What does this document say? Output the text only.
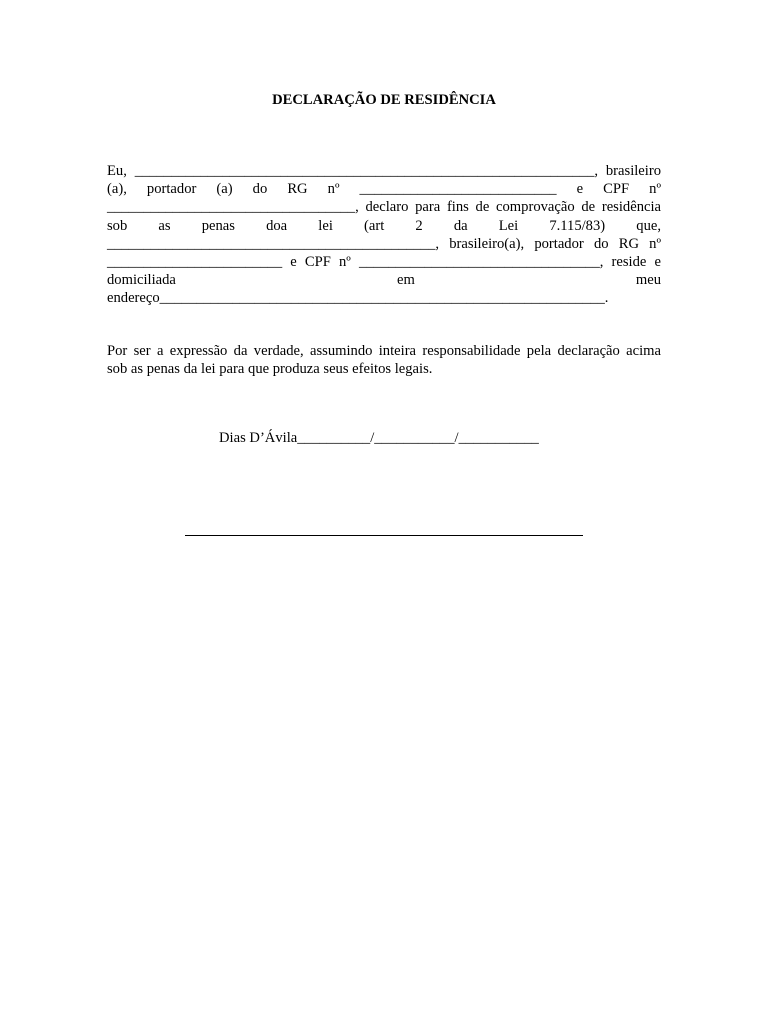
DECLARAÇÃO DE RESIDÊNCIA
Eu, _______________________________________________________________, brasileiro
(a), portador (a) do RG nº ___________________________ e CPF nº
__________________________________, declaro para fins de comprovação de residência
sob as penas doa lei (art 2 da Lei 7.115/83) que,
_____________________________________________, brasileiro(a), portador do RG nº
________________________ e CPF nº _________________________________, reside e
domiciliada em meu
endereço_____________________________________________________________.
Por ser a expressão da verdade, assumindo inteira responsabilidade pela declaração acima
sob as penas da lei para que produza seus efeitos legais.

Dias D’Ávila__________/___________/___________
